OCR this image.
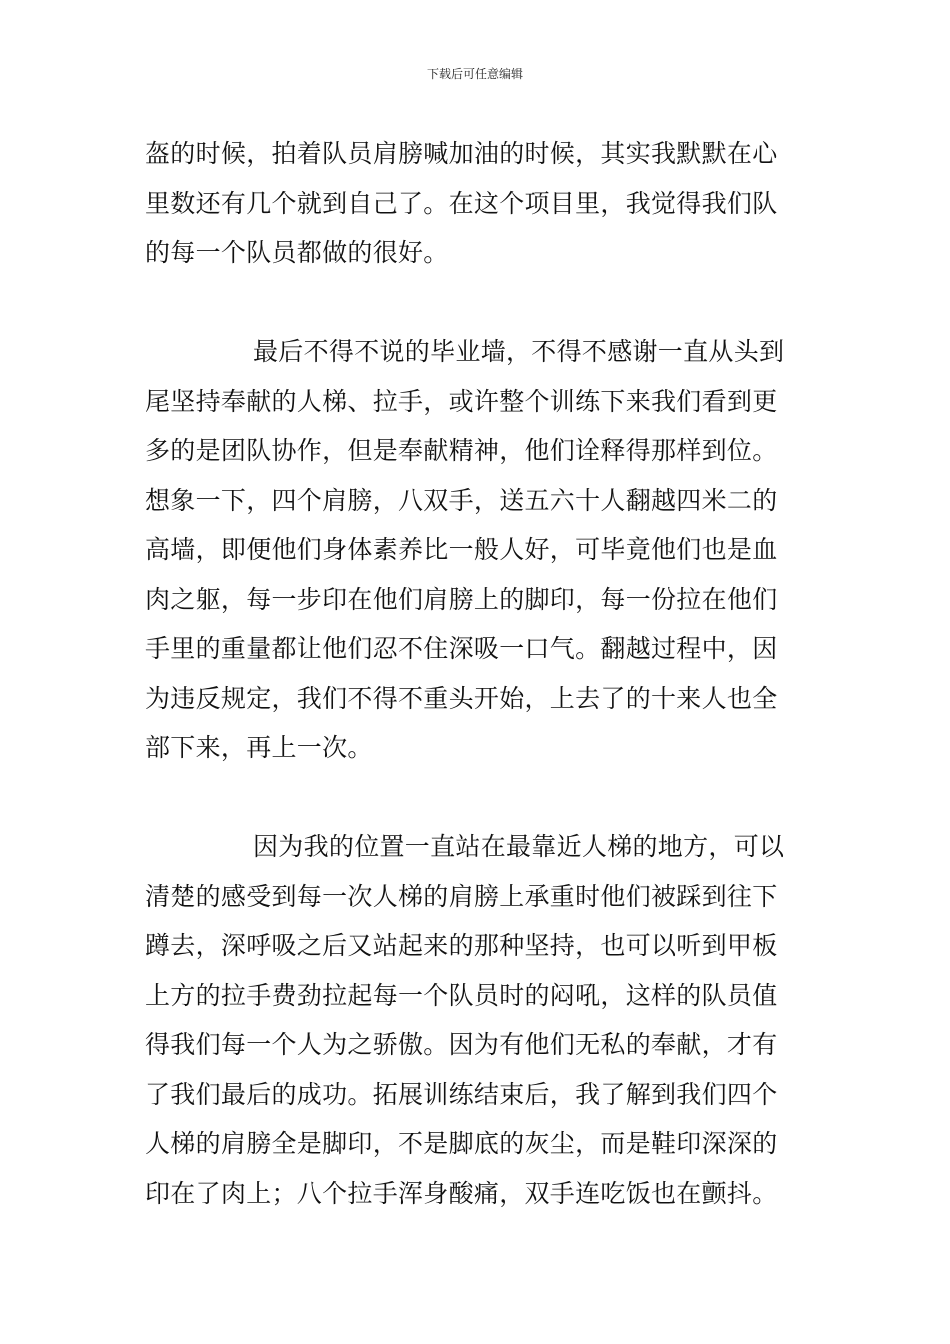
下载后可任意编辑
盔的时候，拍着队员肩膀喊加油的时候，其实我默默在心
里数还有几个就到自己了。在这个项目里，我觉得我们队
的每一个队员都做的很好。
最后不得不说的毕业墙，不得不感谢一直从头到
尾坚持奉献的人梯、拉手，或许整个训练下来我们看到更
多的是团队协作，但是奉献精神，他们诠释得那样到位。
想象一下，四个肩膀，八双手，送五六十人翻越四米二的
高墙，即便他们身体素养比一般人好，可毕竟他们也是血
肉之躯，每一步印在他们肩膀上的脚印，每一份拉在他们
手里的重量都让他们忍不住深吸一口气。翻越过程中，因
为违反规定，我们不得不重头开始，上去了的十来人也全
部下来，再上一次。
因为我的位置一直站在最靠近人梯的地方，可以
清楚的感受到每一次人梯的肩膀上承重时他们被踩到往下
蹲去，深呼吸之后又站起来的那种坚持，也可以听到甲板
上方的拉手费劲拉起每一个队员时的闷吼，这样的队员值
得我们每一个人为之骄傲。因为有他们无私的奉献，才有
了我们最后的成功。拓展训练结束后，我了解到我们四个
人梯的肩膀全是脚印，不是脚底的灰尘，而是鞋印深深的
印在了肉上；八个拉手浑身酸痛，双手连吃饭也在颤抖。
